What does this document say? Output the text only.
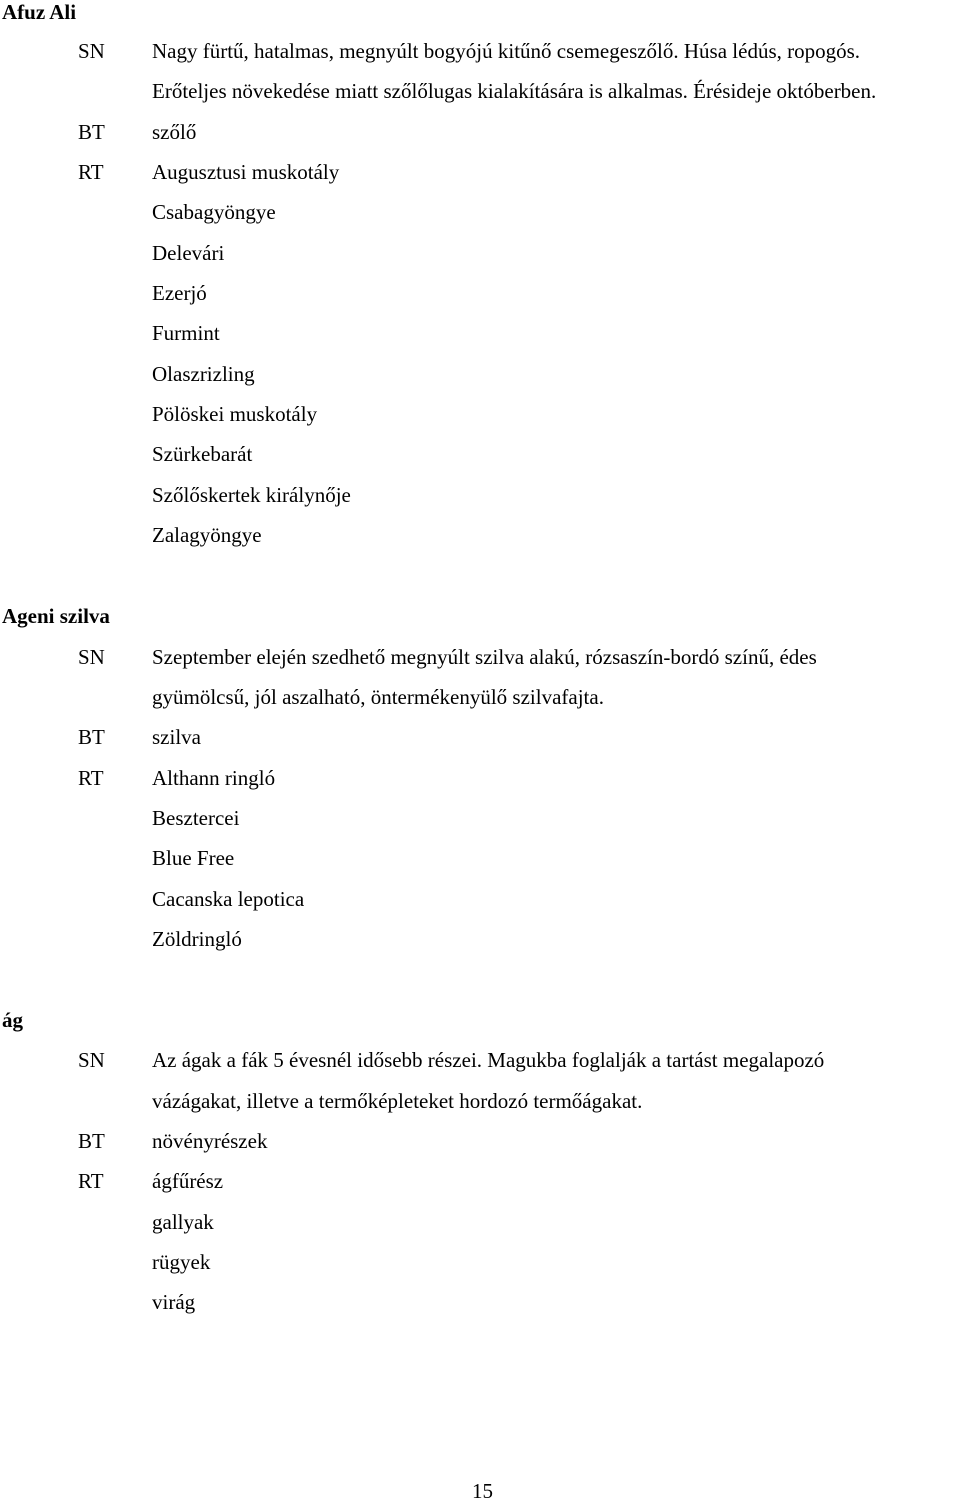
Afuz Ali
SN Nagy fürtű, hatalmas, megnyúlt bogyójú kitűnő csemegeszőlő. Húsa lédús, ropogós.
Erőteljes növekedése miatt szőlőlugas kialakítására is alkalmas. Érésideje októberben.
BT szőlő
RT Augusztusi muskotály
Csabagyöngye
Delevári
Ezerjó
Furmint
Olaszrizling
Pölöskei muskotály
Szürkebarát
Szőlőskertek királynője
Zalagyöngye
Ageni szilva
SN Szeptember elején szedhető megnyúlt szilva alakú, rózsaszín-bordó színű, édes
gyümölcsű, jól aszalható, öntermékenyülő szilvafajta.
BT szilva
RT Althann ringló
Besztercei
Blue Free
Cacanska lepotica
Zöldringló
ág
SN Az ágak a fák 5 évesnél idősebb részei. Magukba foglalják a tartást megalapozó
vázágakat, illetve a termőképleteket hordozó termőágakat.
BT növényrészek
RT ágfűrész
gallyak
rügyek
virág
15
